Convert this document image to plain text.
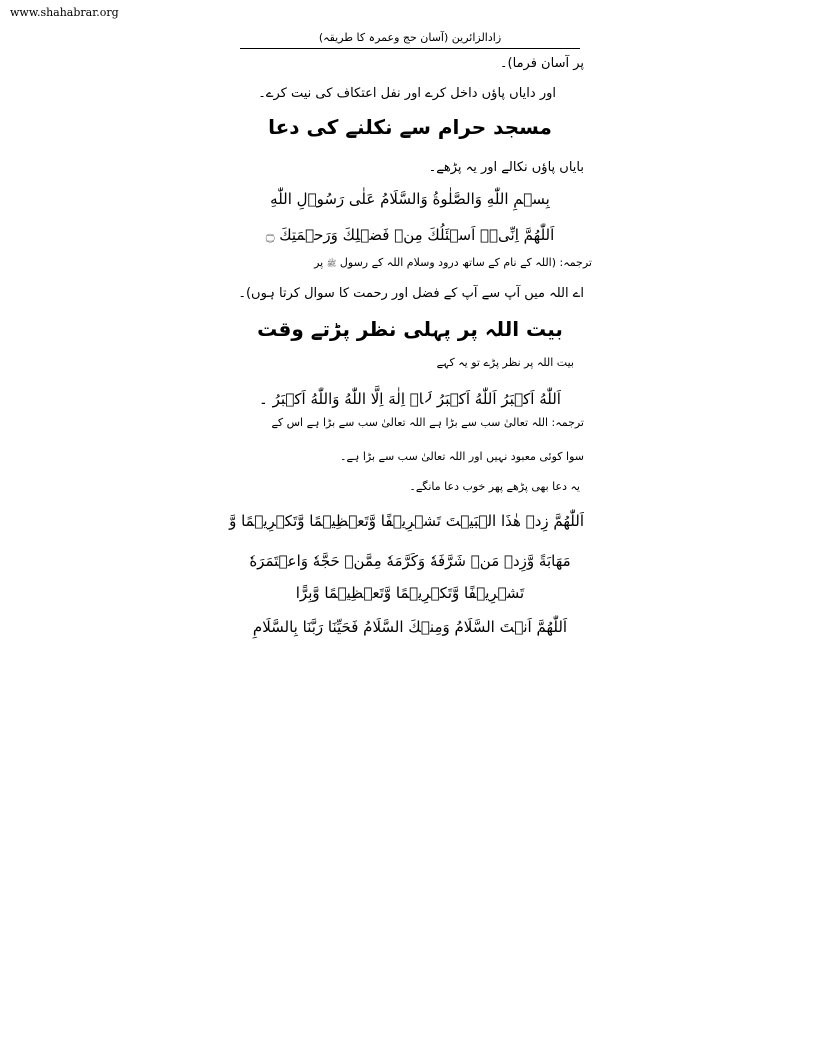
www.shahabrar.org
زادالزائرین (آسان حج وعمرہ کا طریقہ)
پر آسان فرما)۔
اور دایاں پاؤں داخل کرے اور نفل اعتکاف کی نیت کرے۔
مسجد حرام سے نکلنے کی دعا
بایاں پاؤں نکالے اور یہ پڑھے۔
بِسۡمِ اللّٰهِ وَالصَّلٰوةُ وَالسَّلَامُ عَلٰی رَسُوۡلِ اللّٰهِ
اَللّٰهُمَّ اِنِّیۡۤ اَسۡئَلُكَ مِنۡ فَضۡلِكَ وَرَحۡمَتِكَ ۝
ترجمہ: (اللہ کے نام کے ساتھ درود وسلام اللہ کے رسول ﷺ پر
اے اللہ میں آپ سے آپ کے فضل اور رحمت کا سوال کرتا ہوں)۔
بیت اللہ پر پہلی نظر پڑتے وقت
بیت اللہ پر نظر پڑے تو یہ کہے
اَللّٰهُ اَکۡبَرُ اَللّٰهُ اَکۡبَرُ لَاۤ اِلٰهَ اِلَّا اللّٰهُ وَاللّٰهُ اَکۡبَرُ ۔
ترجمہ: اللہ تعالیٰ سب سے بڑا ہے اللہ تعالیٰ سب سے بڑا ہے اس کے
سوا کوئی معبود نہیں اور اللہ تعالیٰ سب سے بڑا ہے۔
یہ دعا بھی پڑھے پھر خوب دعا مانگے۔
اَللّٰهُمَّ زِدۡ هٰذَا الۡبَيۡتَ تَشۡرِيۡفًا وَّتَعۡظِيۡمًا وَّتَكۡرِيۡمًا وَّ
مَهَابَةً وَّزِدۡ مَنۡ شَرَّفَهٗ وَكَرَّمَهٗ مِمَّنۡ حَجَّهٗ وَاعۡتَمَرَهٗ
تَشۡرِيۡفًا وَّتَكۡرِيۡمًا وَّتَعۡظِيۡمًا وَّبِرًّا
اَللّٰهُمَّ اَنۡتَ السَّلَامُ وَمِنۡكَ السَّلَامُ فَحَيِّنَا رَبَّنَا بِالسَّلَامِ
